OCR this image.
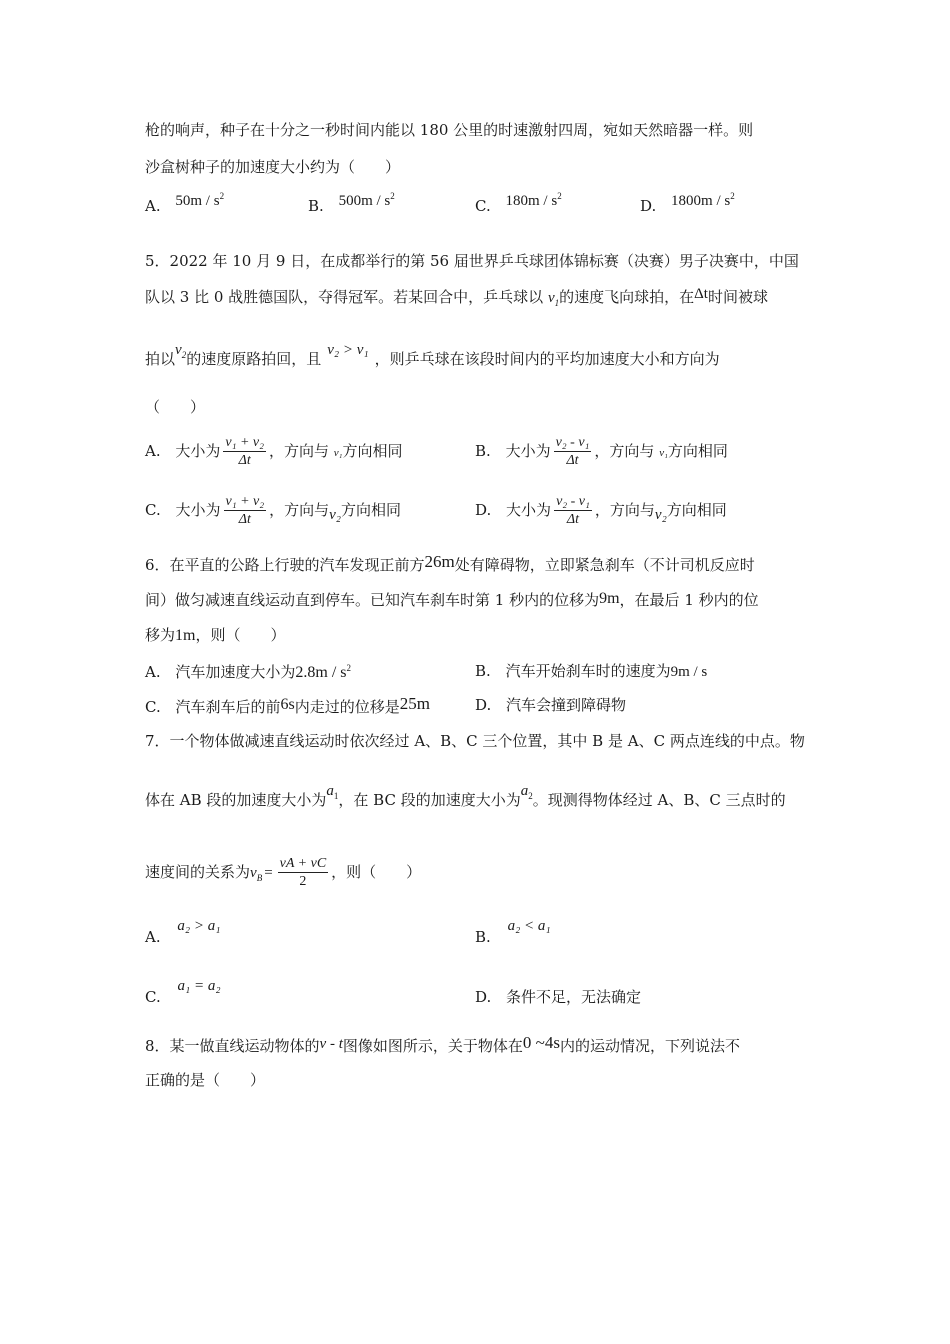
枪的响声，种子在十分之一秒时间内能以 180 公里的时速激射四周，宛如天然暗器一样。则
沙盒树种子的加速度大小约为（　　）
A. $50m / s^2$
B. $500m / s^2$
C. $180m / s^2$
D. $1800m / s^2$
5．2022 年 10 月 9 日，在成都举行的第 56 届世界乒乓球团体锦标赛（决赛）男子决赛中，中国
队以 3 比 0 战胜德国队，夺得冠军。若某回合中，乒乓球以 $v_1$的速度飞向球拍，在Δt时间被球
拍以$v_2$的速度原路拍回，且 v₂ > v₁ ，则乒乓球在该段时间内的平均加速度大小和方向为
（　　）
A. 大小为 $\frac{\text{v₁ + v₂}}{\Delta t}$ ，方向与 v₁方向相同	B. 大小为 $\frac{\text{v₂ - v₁}}{\Delta t}$ ，方向与 v₁方向相同
C. 大小为 $\frac{\text{v₁ + v₂}}{\Delta t}$ ，方向与v₂方向相同	D. 大小为 $\frac{\text{v₂ - v₁}}{\Delta t}$ ，方向与v₂方向相同
6．在平直的公路上行驶的汽车发现正前方26m处有障碍物，立即紧急刹车（不计司机反应时
间）做匀减速直线运动直到停车。已知汽车刹车时第 1 秒内的位移为9m，在最后 1 秒内的位
移为1m，则（　　）
A. 汽车加速度大小为$2.8m / s^2$	B. 汽车开始刹车时的速度为9m / s
C. 汽车刹车后的前6s内走过的位移是25m	D. 汽车会撞到障碍物
7．一个物体做减速直线运动时依次经过 A、B、C 三个位置，其中 B 是 A、C 两点连线的中点。物
体在 AB 段的加速度大小为$a_1$，在 BC 段的加速度大小为$a_2$。现测得物体经过 A、B、C 三点时的
速度间的关系为$v_B = \frac{vA + vC}{2}$ ，则（　　）
A. a₂ > a₁
B. a₂ < a₁
C. a₁ = a₂
D. 条件不足，无法确定
8．某一做直线运动物体的v - t图像如图所示，关于物体在0 ~4s内的运动情况，下列说法不
正确的是（　　）
